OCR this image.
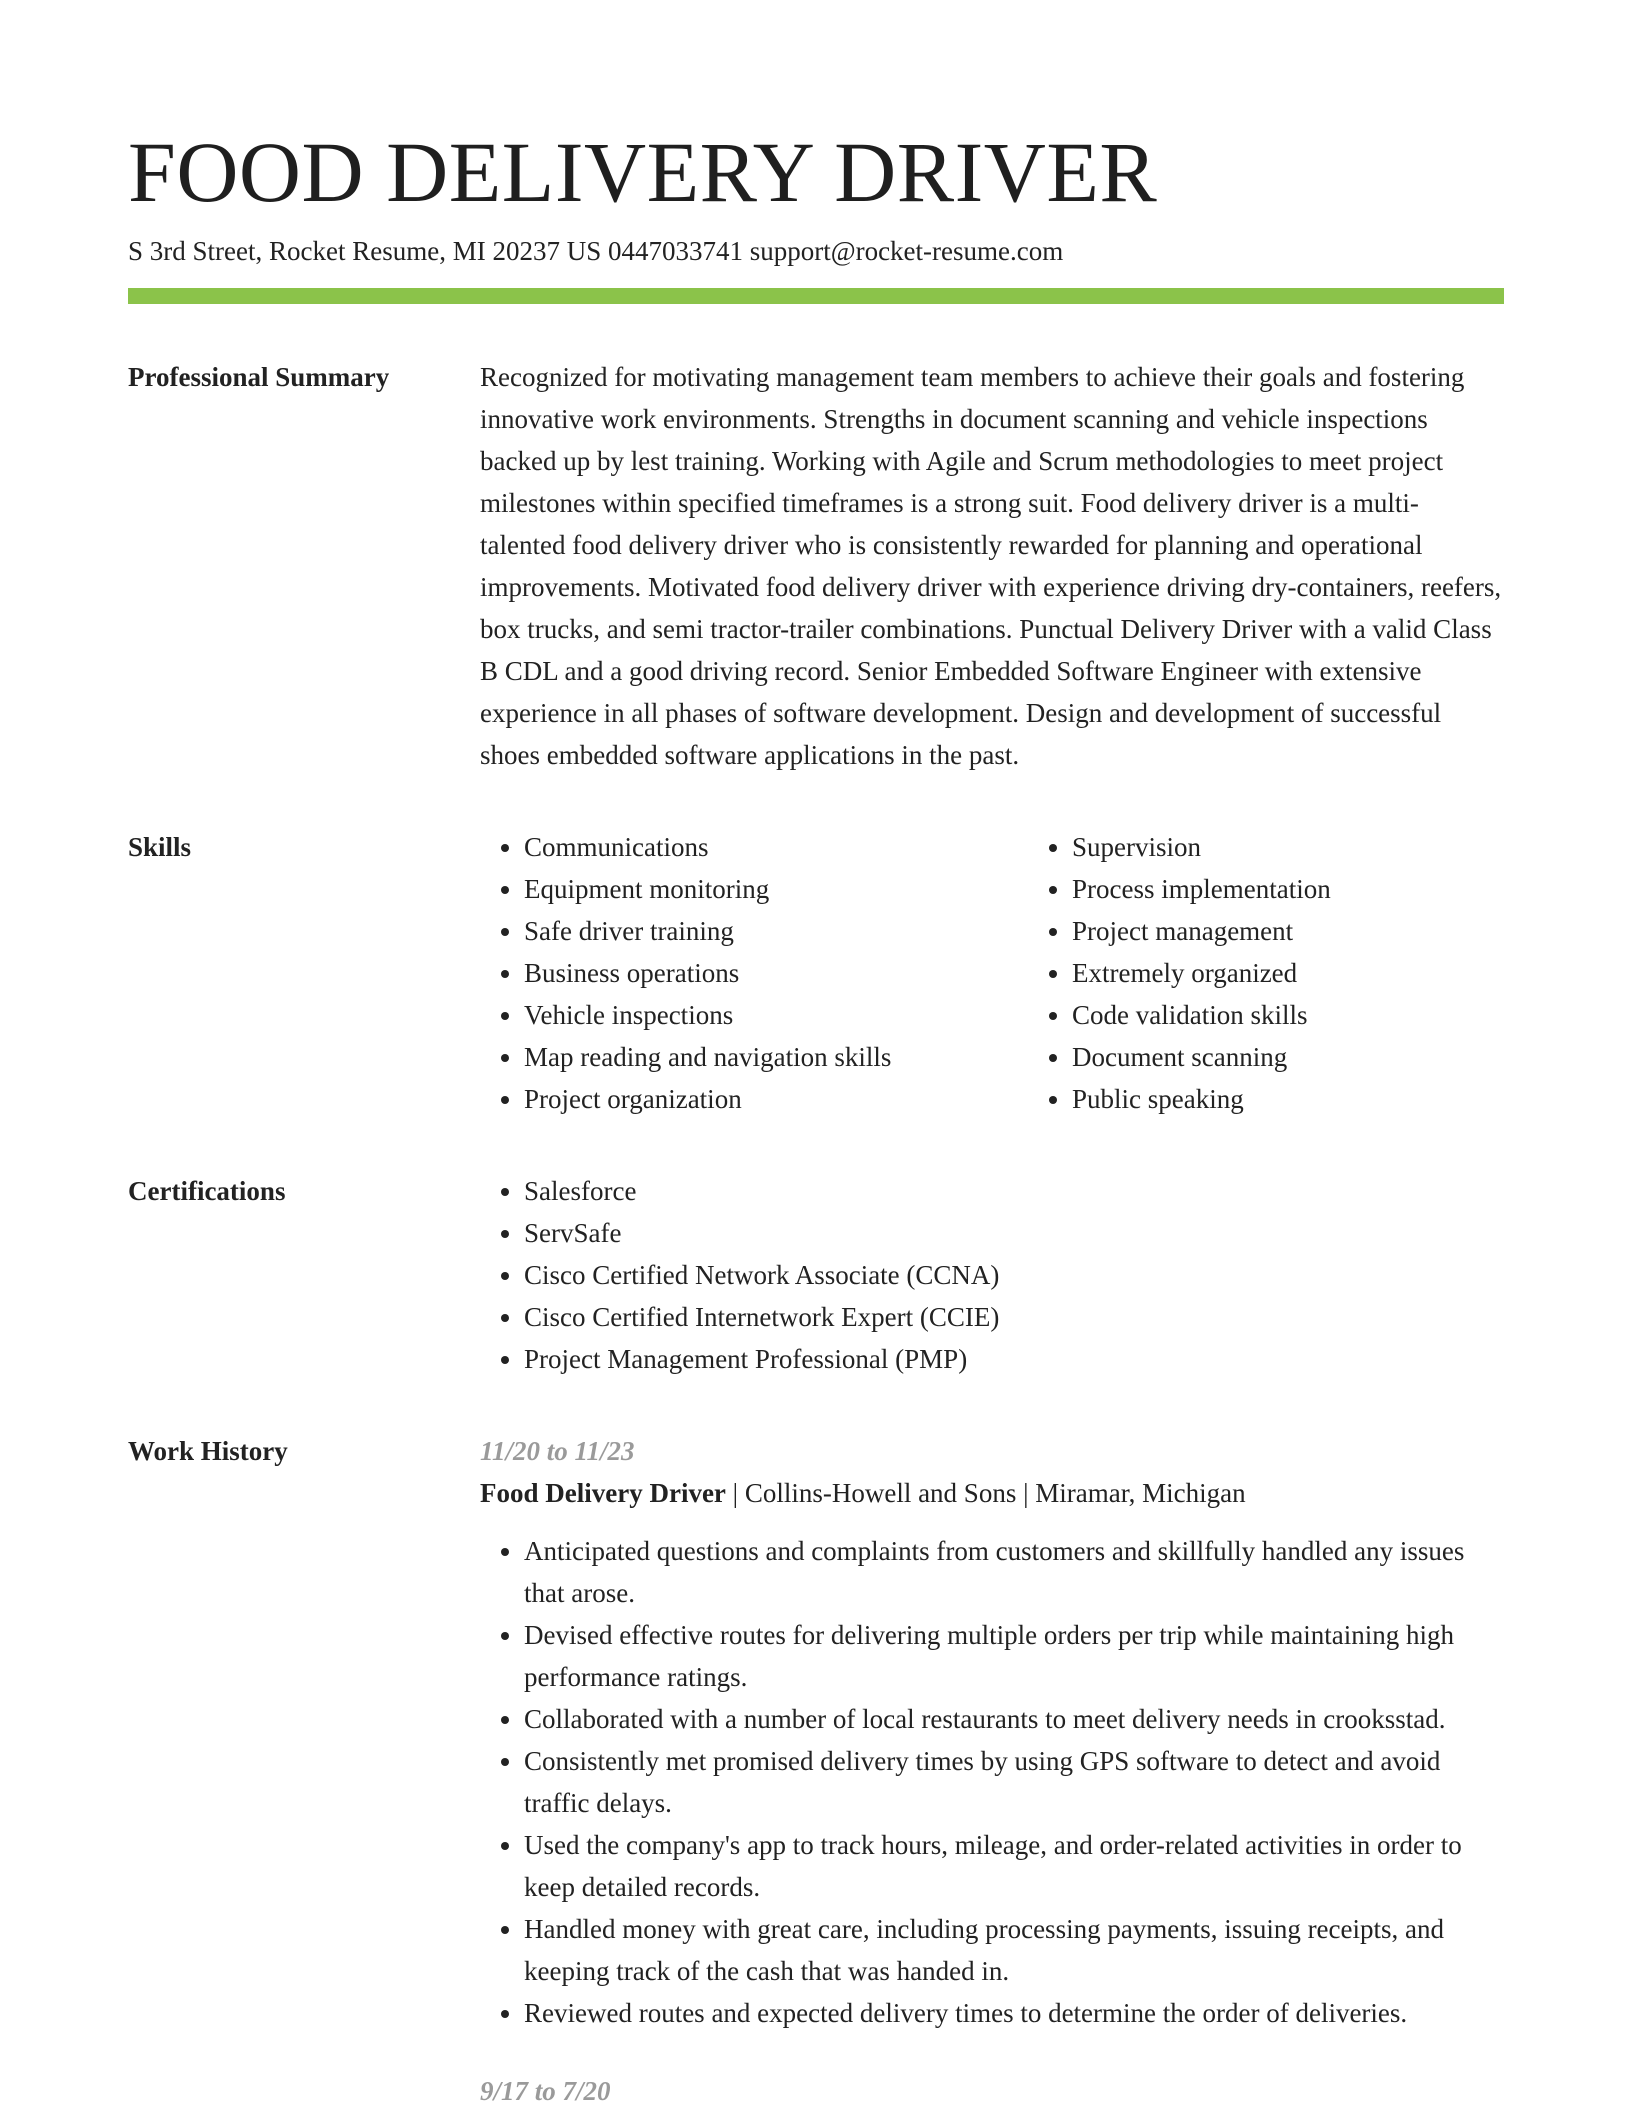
FOOD DELIVERY DRIVER
S 3rd Street, Rocket Resume, MI 20237 US 0447033741 support@rocket-resume.com
Professional Summary	Recognized for motivating management team members to achieve their goals and fostering innovative work environments. Strengths in document scanning and vehicle inspections backed up by lest training. Working with Agile and Scrum methodologies to meet project milestones within specified timeframes is a strong suit. Food delivery driver is a multi-talented food delivery driver who is consistently rewarded for planning and operational improvements. Motivated food delivery driver with experience driving dry-containers, reefers, box trucks, and semi tractor-trailer combinations. Punctual Delivery Driver with a valid Class B CDL and a good driving record. Senior Embedded Software Engineer with extensive experience in all phases of software development. Design and development of successful shoes embedded software applications in the past.

Skills	• Communications
• Equipment monitoring
• Safe driver training
• Business operations
• Vehicle inspections
• Map reading and navigation skills
• Project organization
• Supervision
• Process implementation
• Project management
• Extremely organized
• Code validation skills
• Document scanning
• Public speaking
Certifications	• Salesforce
• ServSafe
• Cisco Certified Network Associate (CCNA)
• Cisco Certified Internetwork Expert (CCIE)
• Project Management Professional (PMP)
Work History	11/20 to 11/23
Food Delivery Driver | Collins-Howell and Sons | Miramar, Michigan
• Anticipated questions and complaints from customers and skillfully handled any issues that arose.
• Devised effective routes for delivering multiple orders per trip while maintaining high performance ratings.
• Collaborated with a number of local restaurants to meet delivery needs in crooksstad.
• Consistently met promised delivery times by using GPS software to detect and avoid traffic delays.
• Used the company's app to track hours, mileage, and order-related activities in order to keep detailed records.
• Handled money with great care, including processing payments, issuing receipts, and keeping track of the cash that was handed in.
• Reviewed routes and expected delivery times to determine the order of deliveries.
9/17 to 7/20
